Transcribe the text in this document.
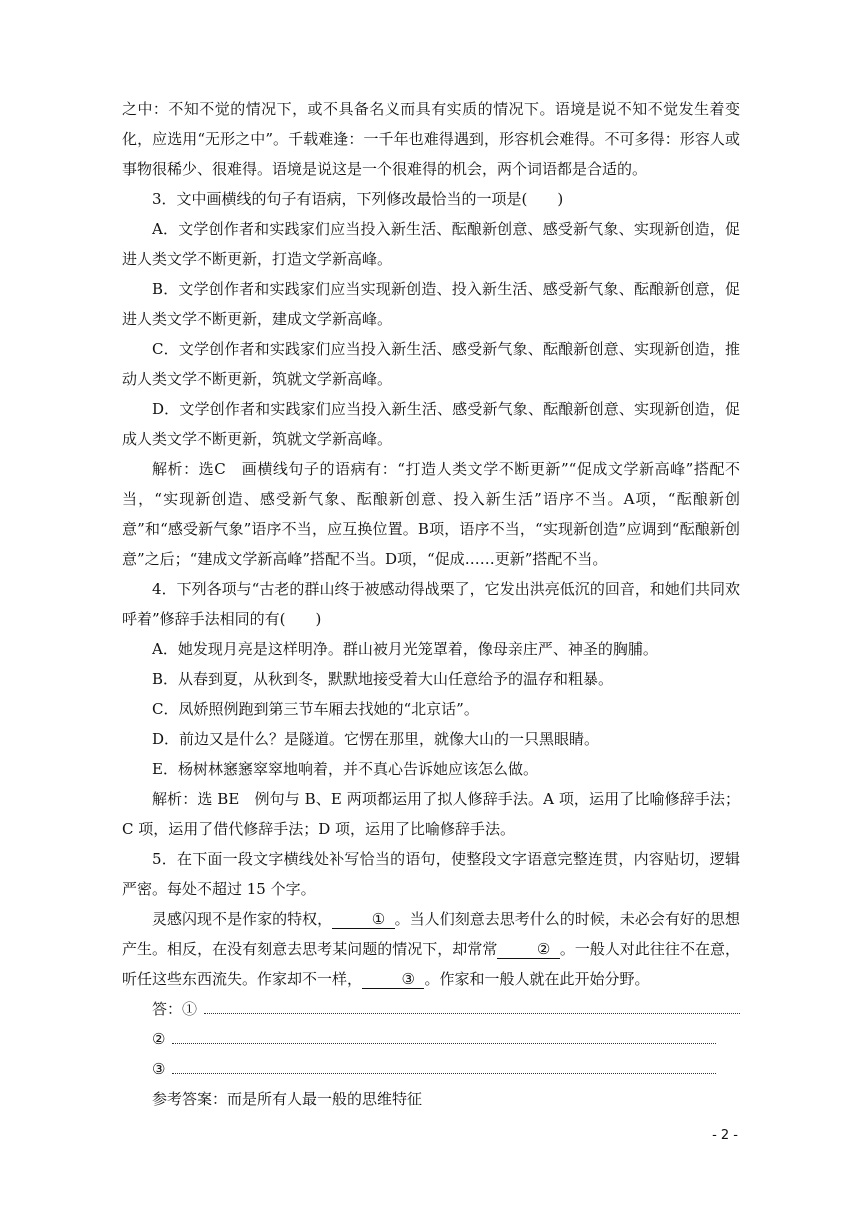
之中：不知不觉的情况下，或不具备名义而具有实质的情况下。语境是说不知不觉发生着变化，应选用“无形之中”。千载难逢：一千年也难得遇到，形容机会难得。不可多得：形容人或事物很稀少、很难得。语境是说这是一个很难得的机会，两个词语都是合适的。

3．文中画横线的句子有语病，下列修改最恰当的一项是(　　)

A．文学创作者和实践家们应当投入新生活、酝酿新创意、感受新气象、实现新创造，促进人类文学不断更新，打造文学新高峰。

B．文学创作者和实践家们应当实现新创造、投入新生活、感受新气象、酝酿新创意，促进人类文学不断更新，建成文学新高峰。

C．文学创作者和实践家们应当投入新生活、感受新气象、酝酿新创意、实现新创造，推动人类文学不断更新，筑就文学新高峰。

D．文学创作者和实践家们应当投入新生活、感受新气象、酝酿新创意、实现新创造，促成人类文学不断更新，筑就文学新高峰。

解析：选C　画横线句子的语病有：“打造人类文学不断更新”“促成文学新高峰”搭配不当，“实现新创造、感受新气象、酝酿新创意、投入新生活”语序不当。A项，“酝酿新创意”和“感受新气象”语序不当，应互换位置。B项，语序不当，“实现新创造”应调到“酝酿新创意”之后；“建成文学新高峰”搭配不当。D项，“促成……更新”搭配不当。

4．下列各项与“古老的群山终于被感动得战栗了，它发出洪亮低沉的回音，和她们共同欢呼着”修辞手法相同的有(　　)

A．她发现月亮是这样明净。群山被月光笼罩着，像母亲庄严、神圣的胸脯。

B．从春到夏，从秋到冬，默默地接受着大山任意给予的温存和粗暴。

C．凤娇照例跑到第三节车厢去找她的“北京话”。

D．前边又是什么？是隧道。它愣在那里，就像大山的一只黑眼睛。

E．杨树林窸窸窣窣地响着，并不真心告诉她应该怎么做。

解析：选 BE　例句与 B、E 两项都运用了拟人修辞手法。A 项，运用了比喻修辞手法；C 项，运用了借代修辞手法；D 项，运用了比喻修辞手法。

5．在下面一段文字横线处补写恰当的语句，使整段文字语意完整连贯，内容贴切，逻辑严密。每处不超过 15 个字。

灵感闪现不是作家的特权， 	①  。当人们刻意去思考什么的时候，未必会有好的思想产生。相反，在没有刻意去思考某问题的情况下，却常常 	②  。一般人对此往往不在意，听任这些东西流失。作家却不一样， 	③  。作家和一般人就在此开始分野。

答：①
②
③

参考答案：而是所有人最一般的思维特征

- 2 -
